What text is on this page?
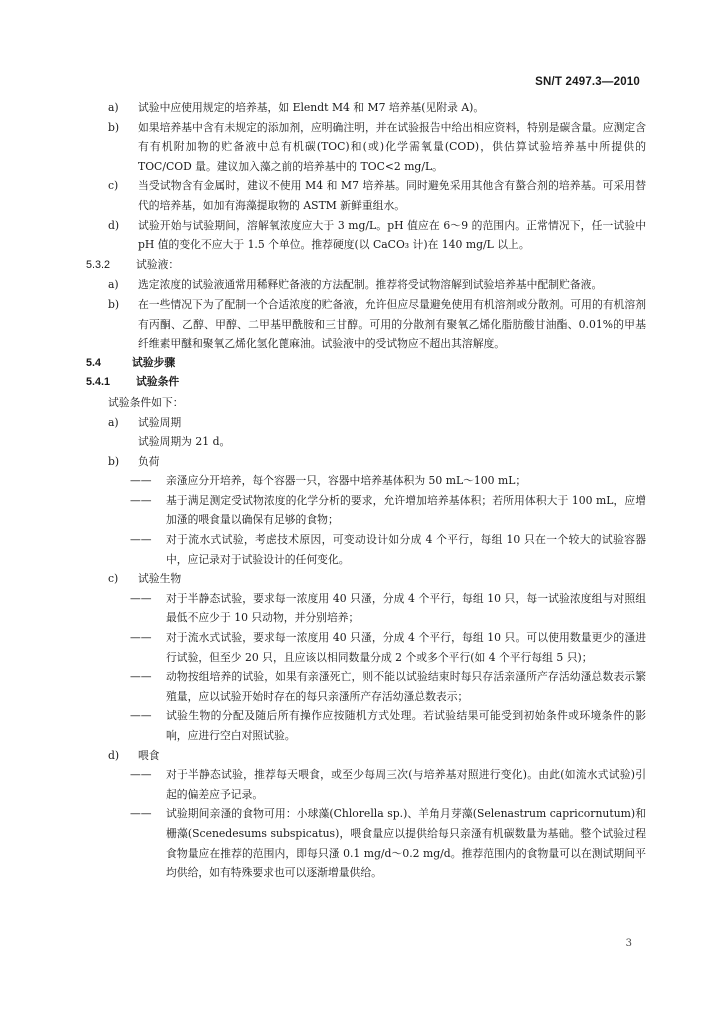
SN/T 2497.3—2010
a)	试验中应使用规定的培养基，如 Elendt M4 和 M7 培养基(见附录 A)。
b)	如果培养基中含有未规定的添加剂，应明确注明，并在试验报告中给出相应资料，特别是碳含量。应测定含有有机附加物的贮备液中总有机碳(TOC)和(或)化学需氧量(COD)，供估算试验培养基中所提供的 TOC/COD 量。建议加入藻之前的培养基中的 TOC<2 mg/L。
c)	当受试物含有金属时，建议不使用 M4 和 M7 培养基。同时避免采用其他含有螯合剂的培养基。可采用替代的培养基，如加有海藻提取物的 ASTM 新鲜重组水。
d)	试验开始与试验期间，溶解氧浓度应大于 3 mg/L。pH 值应在 6～9 的范围内。正常情况下，任一试验中 pH 值的变化不应大于 1.5 个单位。推荐硬度(以 CaCO₃ 计)在 140 mg/L 以上。
5.3.2 试验液：
a)	选定浓度的试验液通常用稀释贮备液的方法配制。推荐将受试物溶解到试验培养基中配制贮备液。
b)	在一些情况下为了配制一个合适浓度的贮备液，允许但应尽量避免使用有机溶剂或分散剂。可用的有机溶剂有丙酮、乙醇、甲醇、二甲基甲酰胺和三甘醇。可用的分散剂有聚氧乙烯化脂肪酸甘油酯、0.01%的甲基纤维素甲醚和聚氧乙烯化氢化蓖麻油。试验液中的受试物应不超出其溶解度。
5.4	试验步骤
5.4.1 试验条件
试验条件如下：
a)	试验周期
试验周期为 21 d。
b)	负荷
——	亲溞应分开培养，每个容器一只，容器中培养基体积为 50 mL～100 mL；
——	基于满足测定受试物浓度的化学分析的要求，允许增加培养基体积；若所用体积大于 100 mL，应增加溞的喂食量以确保有足够的食物；
——	对于流水式试验，考虑技术原因，可变动设计如分成 4 个平行，每组 10 只在一个较大的试验容器中，应记录对于试验设计的任何变化。
c)	试验生物
——	对于半静态试验，要求每一浓度用 40 只溞，分成 4 个平行，每组 10 只，每一试验浓度组与对照组最低不应少于 10 只动物，并分别培养；
——	对于流水式试验，要求每一浓度用 40 只溞，分成 4 个平行，每组 10 只。可以使用数量更少的溞进行试验，但至少 20 只，且应该以相同数量分成 2 个或多个平行(如 4 个平行每组 5 只)；
——	动物按组培养的试验，如果有亲溞死亡，则不能以试验结束时每只存活亲溞所产存活幼溞总数表示繁殖量，应以试验开始时存在的每只亲溞所产存活幼溞总数表示；
——	试验生物的分配及随后所有操作应按随机方式处理。若试验结果可能受到初始条件或环境条件的影响，应进行空白对照试验。
d)	喂食
——	对于半静态试验，推荐每天喂食，或至少每周三次(与培养基对照进行变化)。由此(如流水式试验)引起的偏差应予记录。
——	试验期间亲溞的食物可用：小球藻(Chlorella sp.)、羊角月芽藻(Selenastrum capricornutum)和栅藻(Scenedesums subspicatus)，喂食量应以提供给每只亲溞有机碳数量为基础。整个试验过程食物量应在推荐的范围内，即每只溞 0.1 mg/d～0.2 mg/d。推荐范围内的食物量可以在测试期间平均供给，如有特殊要求也可以逐渐增量供给。
3
